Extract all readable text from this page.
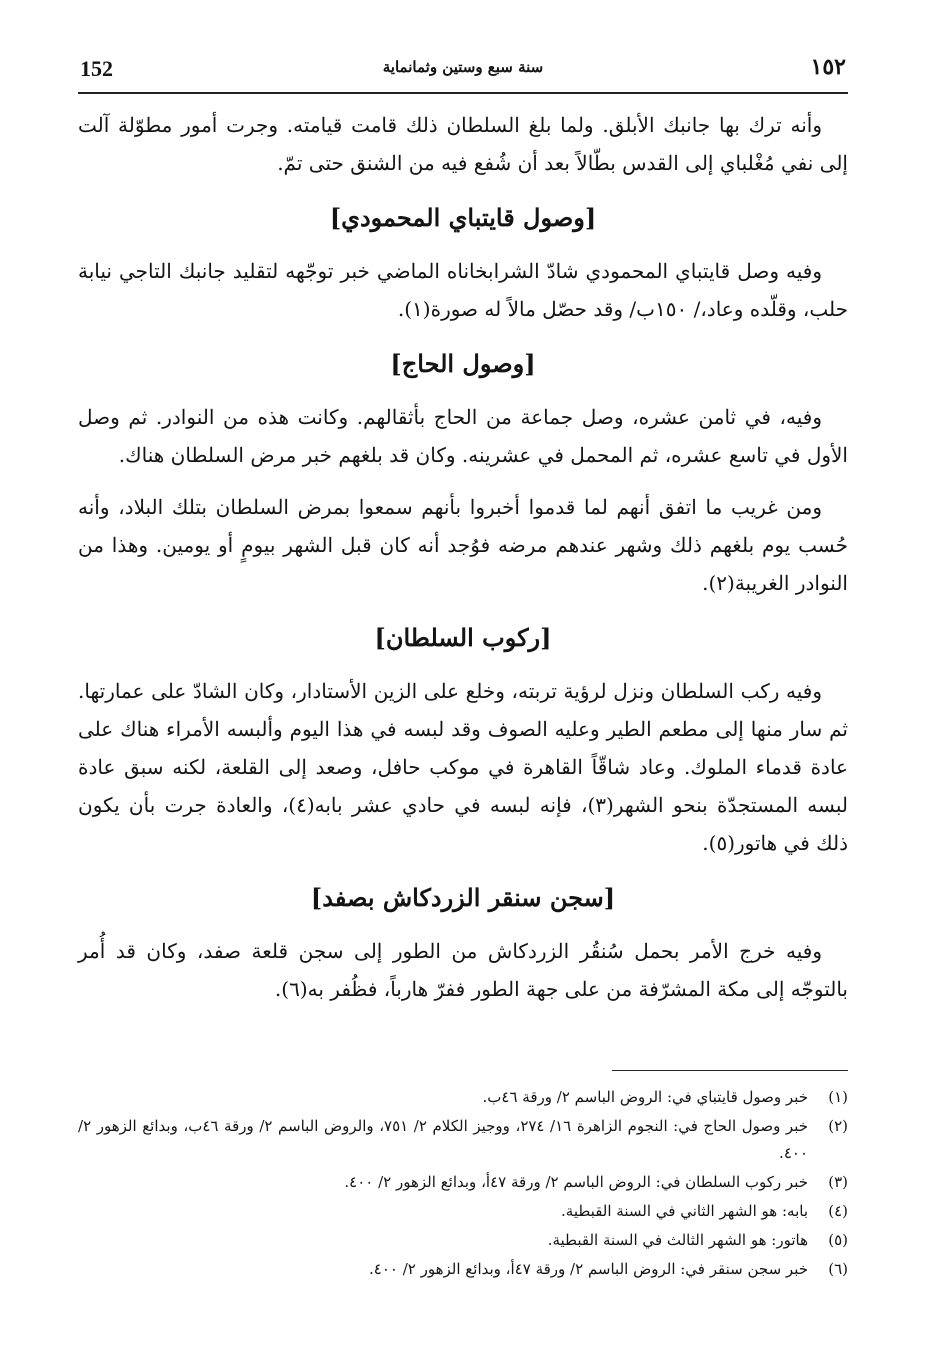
152	سنة سبع وستين وثمانماية	١٥٢

وأنه ترك بها جانبك الأبلق. ولما بلغ السلطان ذلك قامت قيامته. وجرت أمور مطوّلة آلت إلى نفي مُغْلباي إلى القدس بطّالاً بعد أن شُفع فيه من الشنق حتى تمّ.

[وصول قايتباي المحمودي]

وفيه وصل قايتباي المحمودي شادّ الشرابخاناه الماضي خبر توجّهه لتقليد جانبك التاجي نيابة حلب، وقلّده وعاد،/ ١٥٠ب/ وقد حصّل مالاً له صورة(١).

[وصول الحاج]

وفيه، في ثامن عشره، وصل جماعة من الحاج بأثقالهم. وكانت هذه من النوادر. ثم وصل الأول في تاسع عشره، ثم المحمل في عشرينه. وكان قد بلغهم خبر مرض السلطان هناك.

ومن غريب ما اتفق أنهم لما قدموا أخبروا بأنهم سمعوا بمرض السلطان بتلك البلاد، وأنه حُسب يوم بلغهم ذلك وشهر عندهم مرضه فوُجد أنه كان قبل الشهر بيومٍ أو يومين. وهذا من النوادر الغريبة(٢).

[ركوب السلطان]

وفيه ركب السلطان ونزل لرؤية تربته، وخلع على الزين الأستادار، وكان الشادّ على عمارتها. ثم سار منها إلى مطعم الطير وعليه الصوف وقد لبسه في هذا اليوم وألبسه الأمراء هناك على عادة قدماء الملوك. وعاد شاقّاً القاهرة في موكب حافل، وصعد إلى القلعة، لكنه سبق عادة لبسه المستجدّة بنحو الشهر(٣)، فإنه لبسه في حادي عشر بابه(٤)، والعادة جرت بأن يكون ذلك في هاتور(٥).

[سجن سنقر الزردكاش بصفد]

وفيه خرج الأمر بحمل سُنقُر الزردكاش من الطور إلى سجن قلعة صفد، وكان قد أُمر بالتوجّه إلى مكة المشرّفة من على جهة الطور ففرّ هارباً، فظُفر به(٦).

(١)
خبر وصول قايتباي في: الروض الباسم ٢/ ورقة ٤٦ب.
(٢)
خبر وصول الحاج في: النجوم الزاهرة ١٦/ ٢٧٤، ووجيز الكلام ٢/ ٧٥١، والروض الباسم ٢/ ورقة ٤٦ب، وبدائع الزهور ٢/ ٤٠٠.
(٣)
خبر ركوب السلطان في: الروض الباسم ٢/ ورقة ٤٧أ، وبدائع الزهور ٢/ ٤٠٠.
(٤)
بابه: هو الشهر الثاني في السنة القبطية.
(٥)
هاتور: هو الشهر الثالث في السنة القبطية.
(٦)
خبر سجن سنقر في: الروض الباسم ٢/ ورقة ٤٧أ، وبدائع الزهور ٢/ ٤٠٠.
